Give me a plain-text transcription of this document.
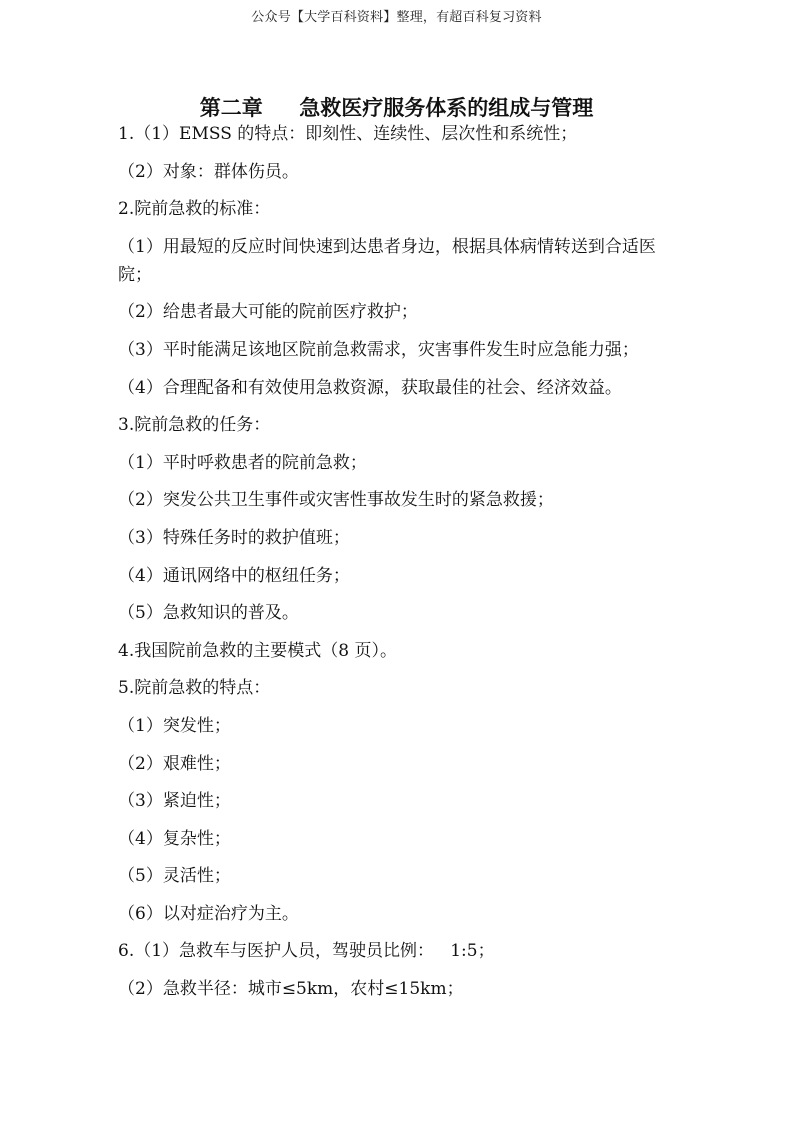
公众号【大学百科资料】整理，有超百科复习资料
第二章     急救医疗服务体系的组成与管理

1.（1）EMSS 的特点：即刻性、连续性、层次性和系统性；

（2）对象：群体伤员。

2.院前急救的标准：

（1）用最短的反应时间快速到达患者身边，根据具体病情转送到合适医院；

（2）给患者最大可能的院前医疗救护；

（3）平时能满足该地区院前急救需求，灾害事件发生时应急能力强；

（4）合理配备和有效使用急救资源，获取最佳的社会、经济效益。

3.院前急救的任务：

（1）平时呼救患者的院前急救；

（2）突发公共卫生事件或灾害性事故发生时的紧急救援；

（3）特殊任务时的救护值班；

（4）通讯网络中的枢纽任务；

（5）急救知识的普及。

4.我国院前急救的主要模式（8 页）。

5.院前急救的特点：

（1）突发性；

（2）艰难性；

（3）紧迫性；

（4）复杂性；

（5）灵活性；

（6）以对症治疗为主。

6.（1）急救车与医护人员，驾驶员比例：   1:5；

（2）急救半径：城市≤5km，农村≤15km；
